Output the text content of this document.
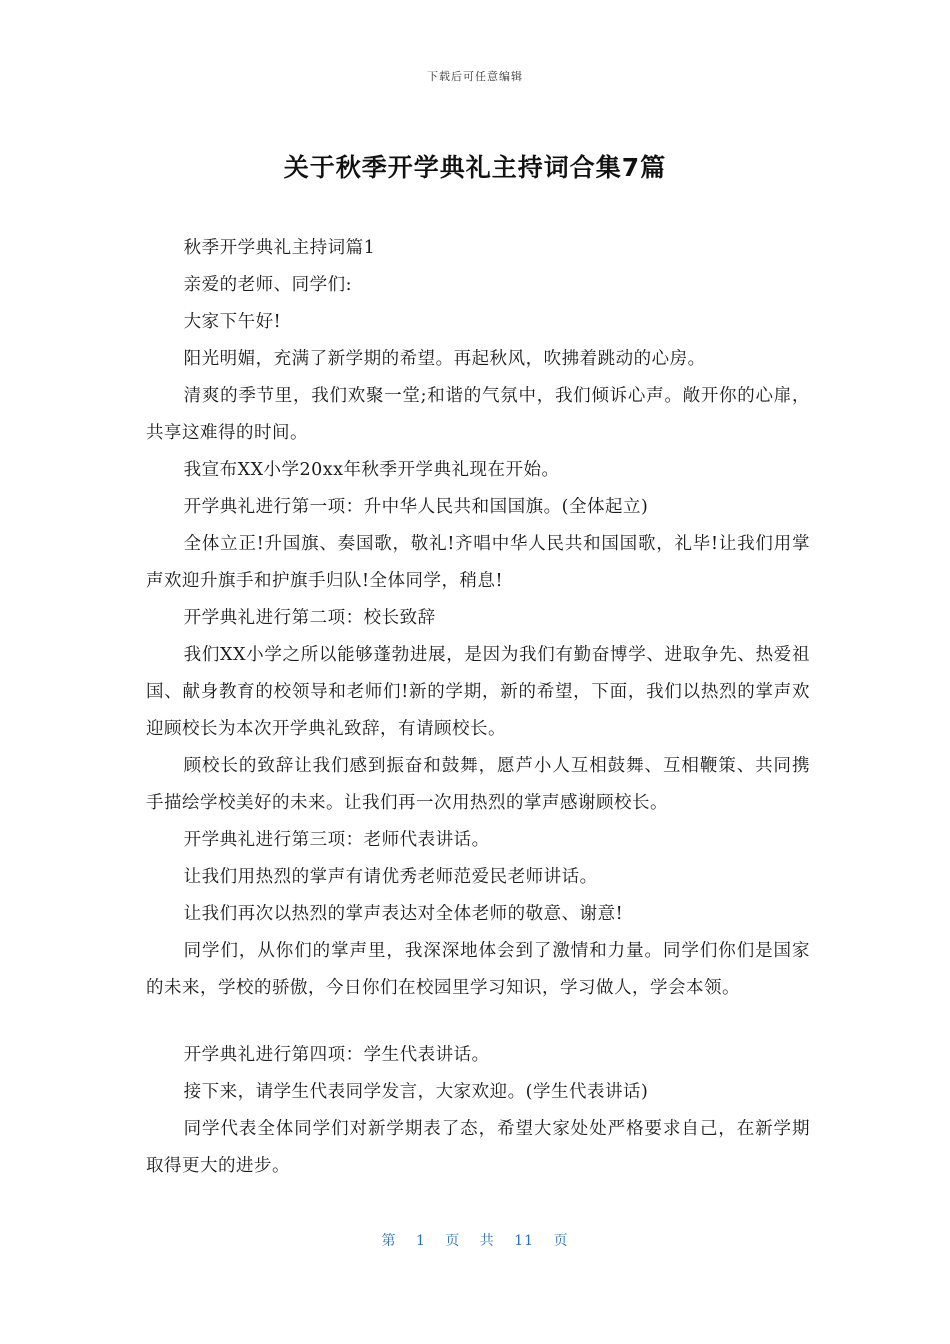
下载后可任意编辑
关于秋季开学典礼主持词合集7篇

秋季开学典礼主持词篇1

亲爱的老师、同学们:

大家下午好!

阳光明媚，充满了新学期的希望。再起秋风，吹拂着跳动的心房。

清爽的季节里，我们欢聚一堂;和谐的气氛中，我们倾诉心声。敞开你的心扉，共享这难得的时间。

我宣布XX小学20xx年秋季开学典礼现在开始。

开学典礼进行第一项：升中华人民共和国国旗。(全体起立)

全体立正!升国旗、奏国歌，敬礼!齐唱中华人民共和国国歌，礼毕!让我们用掌声欢迎升旗手和护旗手归队!全体同学，稍息!

开学典礼进行第二项：校长致辞

我们XX小学之所以能够蓬勃进展，是因为我们有勤奋博学、进取争先、热爱祖国、献身教育的校领导和老师们!新的学期，新的希望，下面，我们以热烈的掌声欢迎顾校长为本次开学典礼致辞，有请顾校长。

顾校长的致辞让我们感到振奋和鼓舞，愿芦小人互相鼓舞、互相鞭策、共同携手描绘学校美好的未来。让我们再一次用热烈的掌声感谢顾校长。

开学典礼进行第三项：老师代表讲话。

让我们用热烈的掌声有请优秀老师范爱民老师讲话。

让我们再次以热烈的掌声表达对全体老师的敬意、谢意!

同学们，从你们的掌声里，我深深地体会到了激情和力量。同学们你们是国家的未来，学校的骄傲，今日你们在校园里学习知识，学习做人，学会本领。

开学典礼进行第四项：学生代表讲话。

接下来，请学生代表同学发言，大家欢迎。(学生代表讲话)

同学代表全体同学们对新学期表了态，希望大家处处严格要求自己，在新学期取得更大的进步。

第 1 页 共 11 页
